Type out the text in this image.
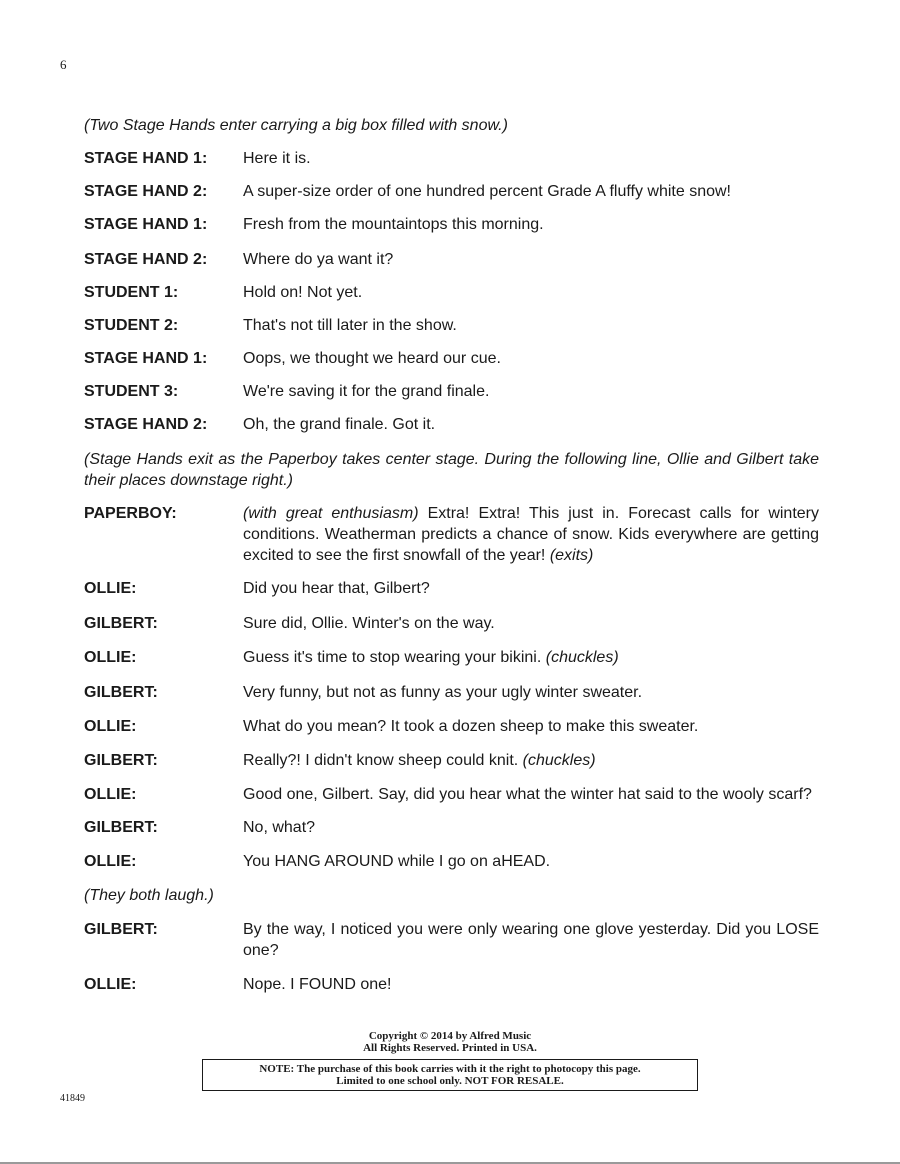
6
(Two Stage Hands enter carrying a big box filled with snow.)
STAGE HAND 1:	Here it is.
STAGE HAND 2:	A super-size order of one hundred percent Grade A fluffy white snow!
STAGE HAND 1:	Fresh from the mountaintops this morning.
STAGE HAND 2:	Where do ya want it?
STUDENT 1:	Hold on! Not yet.
STUDENT 2:	That's not till later in the show.
STAGE HAND 1:	Oops, we thought we heard our cue.
STUDENT 3:	We're saving it for the grand finale.
STAGE HAND 2:	Oh, the grand finale. Got it.
(Stage Hands exit as the Paperboy takes center stage. During the following line, Ollie and Gilbert take their places downstage right.)
PAPERBOY:	(with great enthusiasm) Extra! Extra! This just in. Forecast calls for wintery conditions. Weatherman predicts a chance of snow. Kids everywhere are getting excited to see the first snowfall of the year! (exits)
OLLIE:	Did you hear that, Gilbert?
GILBERT:	Sure did, Ollie. Winter's on the way.
OLLIE:	Guess it's time to stop wearing your bikini. (chuckles)
GILBERT:	Very funny, but not as funny as your ugly winter sweater.
OLLIE:	What do you mean? It took a dozen sheep to make this sweater.
GILBERT:	Really?! I didn't know sheep could knit. (chuckles)
OLLIE:	Good one, Gilbert. Say, did you hear what the winter hat said to the wooly scarf?
GILBERT:	No, what?
OLLIE:	You HANG AROUND while I go on aHEAD.
(They both laugh.)
GILBERT:	By the way, I noticed you were only wearing one glove yesterday. Did you LOSE one?
OLLIE:	Nope. I FOUND one!
Copyright © 2014 by Alfred Music
All Rights Reserved. Printed in USA.
NOTE: The purchase of this book carries with it the right to photocopy this page.
Limited to one school only. NOT FOR RESALE.
41849
